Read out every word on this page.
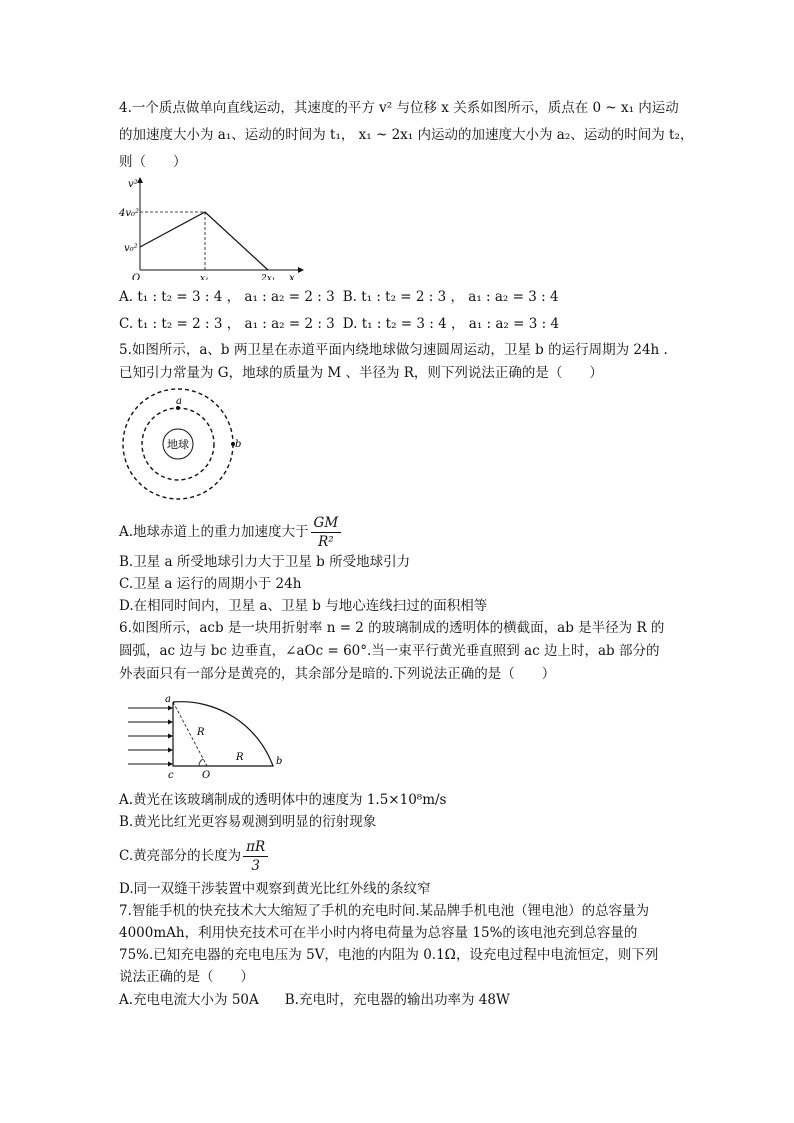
4.一个质点做单向直线运动，其速度的平方 v² 与位移 x 关系如图所示，质点在 0 ~ x₁ 内运动
的加速度大小为 a₁、运动的时间为 t₁， x₁ ~ 2x₁ 内运动的加速度大小为 a₂、运动的时间为 t₂，
则（　　）
v²
4v₀²
v₀²
O	x₁	2x₁ x
A. t₁ : t₂ = 3 : 4 ， a₁ : a₂ = 2 : 3 B. t₁ : t₂ = 2 : 3 ， a₁ : a₂ = 3 : 4
C. t₁ : t₂ = 2 : 3 ， a₁ : a₂ = 2 : 3 D. t₁ : t₂ = 3 : 4 ， a₁ : a₂ = 3 : 4
5.如图所示，a、b 两卫星在赤道平面内绕地球做匀速圆周运动，卫星 b 的运行周期为 24h .
已知引力常量为 G，地球的质量为 M 、半径为 R，则下列说法正确的是（　　）
地球
a
b
A.地球赤道上的重力加速度大于 $\frac{GM}{\text{R²}}$
B.卫星 a 所受地球引力大于卫星 b 所受地球引力
C.卫星 a 运行的周期小于 24h
D.在相同时间内，卫星 a、卫星 b 与地心连线扫过的面积相等
6.如图所示，acb 是一块用折射率 n = 2 的玻璃制成的透明体的横截面，ab 是半径为 R 的
圆弧，ac 边与 bc 边垂直，∠aOc = 60°.当一束平行黄光垂直照到 ac 边上时，ab 部分的
外表面只有一部分是黄亮的，其余部分是暗的.下列说法正确的是（　　）
a
c	O
b
R
R
A.黄光在该玻璃制成的透明体中的速度为 1.5×10⁸m/s
B.黄光比红光更容易观测到明显的衍射现象
C.黄亮部分的长度为 $\frac{\pi R}{3}$
D.同一双缝干涉装置中观察到黄光比红外线的条纹窄
7.智能手机的快充技术大大缩短了手机的充电时间.某品牌手机电池（锂电池）的总容量为
4000mAh，利用快充技术可在半小时内将电荷量为总容量 15%的该电池充到总容量的
75%.已知充电器的充电电压为 5V，电池的内阻为 0.1Ω，设充电过程中电流恒定，则下列
说法正确的是（　　）
A.充电电流大小为 50A B.充电时，充电器的输出功率为 48W
